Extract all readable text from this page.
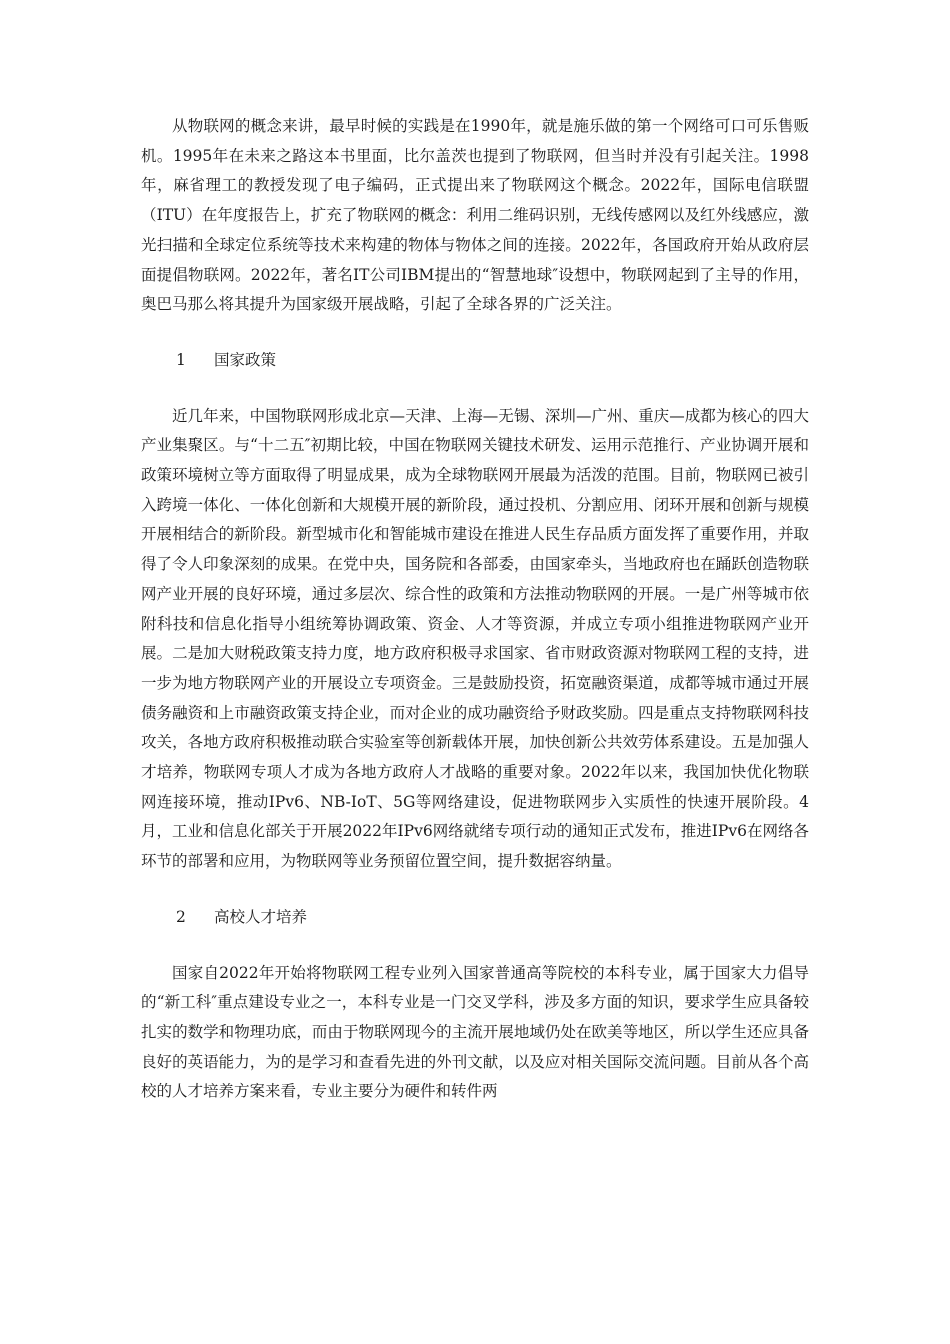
从物联网的概念来讲，最早时候的实践是在1990年，就是施乐做的第一个网络可口可乐售贩机。1995年在未来之路这本书里面，比尔盖茨也提到了物联网，但当时并没有引起关注。1998年，麻省理工的教授发现了电子编码，正式提出来了物联网这个概念。2022年，国际电信联盟（ITU）在年度报告上，扩充了物联网的概念：利用二维码识别，无线传感网以及红外线感应，激光扫描和全球定位系统等技术来构建的物体与物体之间的连接。2022年，各国政府开始从政府层面提倡物联网。2022年，著名IT公司IBM提出的“智慧地球″设想中，物联网起到了主导的作用，奥巴马那么将其提升为国家级开展战略，引起了全球各界的广泛关注。

1 国家政策

近几年来，中国物联网形成北京—天津、上海—无锡、深圳—广州、重庆—成都为核心的四大产业集聚区。与“十二五″初期比较，中国在物联网关键技术研发、运用示范推行、产业协调开展和政策环境树立等方面取得了明显成果，成为全球物联网开展最为活泼的范围。目前，物联网已被引入跨境一体化、一体化创新和大规模开展的新阶段，通过投机、分割应用、闭环开展和创新与规模开展相结合的新阶段。新型城市化和智能城市建设在推进人民生存品质方面发挥了重要作用，并取得了令人印象深刻的成果。在党中央，国务院和各部委，由国家牵头，当地政府也在踊跃创造物联网产业开展的良好环境，通过多层次、综合性的政策和方法推动物联网的开展。一是广州等城市依附科技和信息化指导小组统筹协调政策、资金、人才等资源，并成立专项小组推进物联网产业开展。二是加大财税政策支持力度，地方政府积极寻求国家、省市财政资源对物联网工程的支持，进一步为地方物联网产业的开展设立专项资金。三是鼓励投资，拓宽融资渠道，成都等城市通过开展债务融资和上市融资政策支持企业，而对企业的成功融资给予财政奖励。四是重点支持物联网科技攻关，各地方政府积极推动联合实验室等创新载体开展，加快创新公共效劳体系建设。五是加强人才培养，物联网专项人才成为各地方政府人才战略的重要对象。2022年以来，我国加快优化物联网连接环境，推动IPv6、NB-IoT、5G等网络建设，促进物联网步入实质性的快速开展阶段。4月，工业和信息化部关于开展2022年IPv6网络就绪专项行动的通知正式发布，推进IPv6在网络各环节的部署和应用，为物联网等业务预留位置空间，提升数据容纳量。

2 高校人才培养

国家自2022年开始将物联网工程专业列入国家普通高等院校的本科专业，属于国家大力倡导的“新工科″重点建设专业之一，本科专业是一门交叉学科，涉及多方面的知识，要求学生应具备较扎实的数学和物理功底，而由于物联网现今的主流开展地域仍处在欧美等地区，所以学生还应具备良好的英语能力，为的是学习和查看先进的外刊文献，以及应对相关国际交流问题。目前从各个高校的人才培养方案来看，专业主要分为硬件和转件两
